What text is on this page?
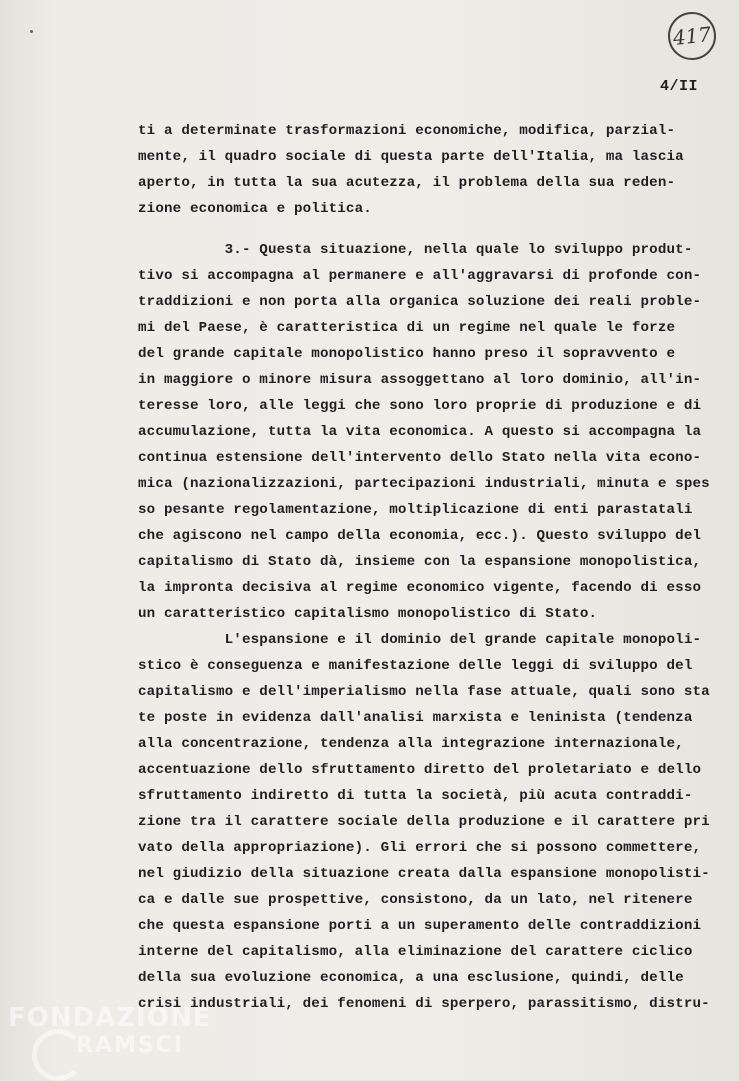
417
4/II
ti a determinate trasformazioni economiche, modifica, parzial-
mente, il quadro sociale di questa parte dell'Italia, ma lascia
aperto, in tutta la sua acutezza, il problema della sua reden-
zione economica e politica.
3.- Questa situazione, nella quale lo sviluppo produt-
tivo si accompagna al permanere e all'aggravarsi di profonde con-
traddizioni e non porta alla organica soluzione dei reali proble-
mi del Paese, è caratteristica di un regime nel quale le forze
del grande capitale monopolistico hanno preso il sopravvento e
in maggiore o minore misura assoggettano al loro dominio, all'in-
teresse loro, alle leggi che sono loro proprie di produzione e di
accumulazione, tutta la vita economica. A questo si accompagna la
continua estensione dell'intervento dello Stato nella vita econo-
mica (nazionalizzazioni, partecipazioni industriali, minuta e spes
so pesante regolamentazione, moltiplicazione di enti parastatali
che agiscono nel campo della economia, ecc.). Questo sviluppo del
capitalismo di Stato dà, insieme con la espansione monopolistica,
la impronta decisiva al regime economico vigente, facendo di esso
un caratteristico capitalismo monopolistico di Stato.
L'espansione e il dominio del grande capitale monopoli-
stico è conseguenza e manifestazione delle leggi di sviluppo del
capitalismo e dell'imperialismo nella fase attuale, quali sono sta
te poste in evidenza dall'analisi marxista e leninista (tendenza
alla concentrazione, tendenza alla integrazione internazionale,
accentuazione dello sfruttamento diretto del proletariato e dello
sfruttamento indiretto di tutta la società, più acuta contraddi-
zione tra il carattere sociale della produzione e il carattere pri
vato della appropriazione). Gli errori che si possono commettere,
nel giudizio della situazione creata dalla espansione monopolisti-
ca e dalle sue prospettive, consistono, da un lato, nel ritenere
che questa espansione porti a un superamento delle contraddizioni
interne del capitalismo, alla eliminazione del carattere ciclico
della sua evoluzione economica, a una esclusione, quindi, delle
crisi industriali, dei fenomeni di sperpero, parassitismo, distru-
FONDAZIONE
RAMSCI
